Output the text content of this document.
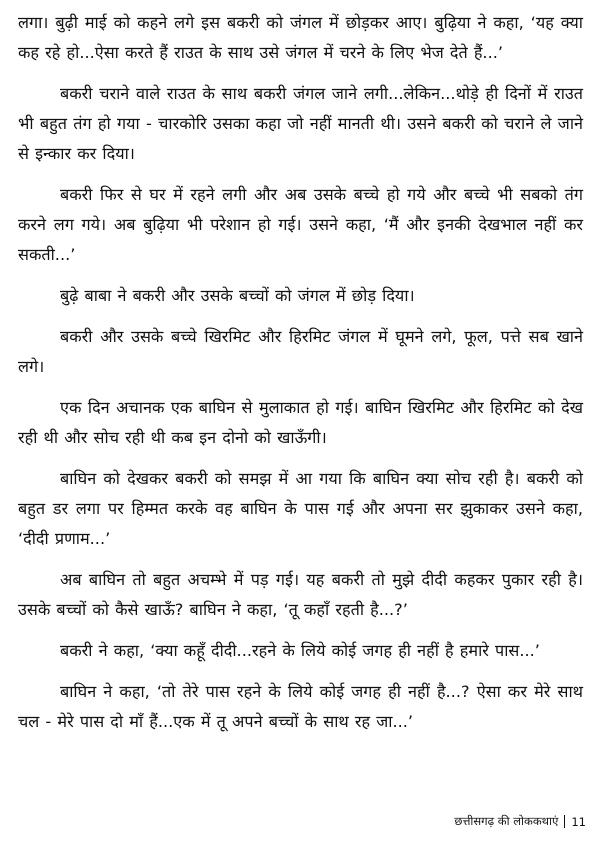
लगा। बुढ़ी माई को कहने लगे इस बकरी को जंगल में छोड़कर आए। बुढ़िया ने कहा, ‘यह क्या कह रहे हो...ऐसा करते हैं राउत के साथ उसे जंगल में चरने के लिए भेज देते हैं...’

बकरी चराने वाले राउत के साथ बकरी जंगल जाने लगी...लेकिन...थोड़े ही दिनों में राउत भी बहुत तंग हो गया - चारकोरि उसका कहा जो नहीं मानती थी। उसने बकरी को चराने ले जाने से इन्कार कर दिया।

बकरी फिर से घर में रहने लगी और अब उसके बच्चे हो गये और बच्चे भी सबको तंग करने लग गये। अब बुढ़िया भी परेशान हो गई। उसने कहा, ‘मैं और इनकी देखभाल नहीं कर सकती...’

बुढ़े बाबा ने बकरी और उसके बच्चों को जंगल में छोड़ दिया।

बकरी और उसके बच्चे खिरमिट और हिरमिट जंगल में घूमने लगे, फूल, पत्ते सब खाने लगे।

एक दिन अचानक एक बाघिन से मुलाकात हो गई। बाघिन खिरमिट और हिरमिट को देख रही थी और सोच रही थी कब इन दोनो को खाऊँगी।

बाघिन को देखकर बकरी को समझ में आ गया कि बाघिन क्या सोच रही है। बकरी को बहुत डर लगा पर हिम्मत करके वह बाघिन के पास गई और अपना सर झुकाकर उसने कहा, ‘दीदी प्रणाम...’

अब बाघिन तो बहुत अचम्भे में पड़ गई। यह बकरी तो मुझे दीदी कहकर पुकार रही है। उसके बच्चों को कैसे खाऊँ? बाघिन ने कहा, ‘तू कहाँ रहती है...?’

बकरी ने कहा, ‘क्या कहूँ दीदी...रहने के लिये कोई जगह ही नहीं है हमारे पास...’

बाघिन ने कहा, ‘तो तेरे पास रहने के लिये कोई जगह ही नहीं है...? ऐसा कर मेरे साथ चल - मेरे पास दो माँ हैं...एक में तू अपने बच्चों के साथ रह जा...’

छत्तीसगढ़ की लोककथाएं 11
